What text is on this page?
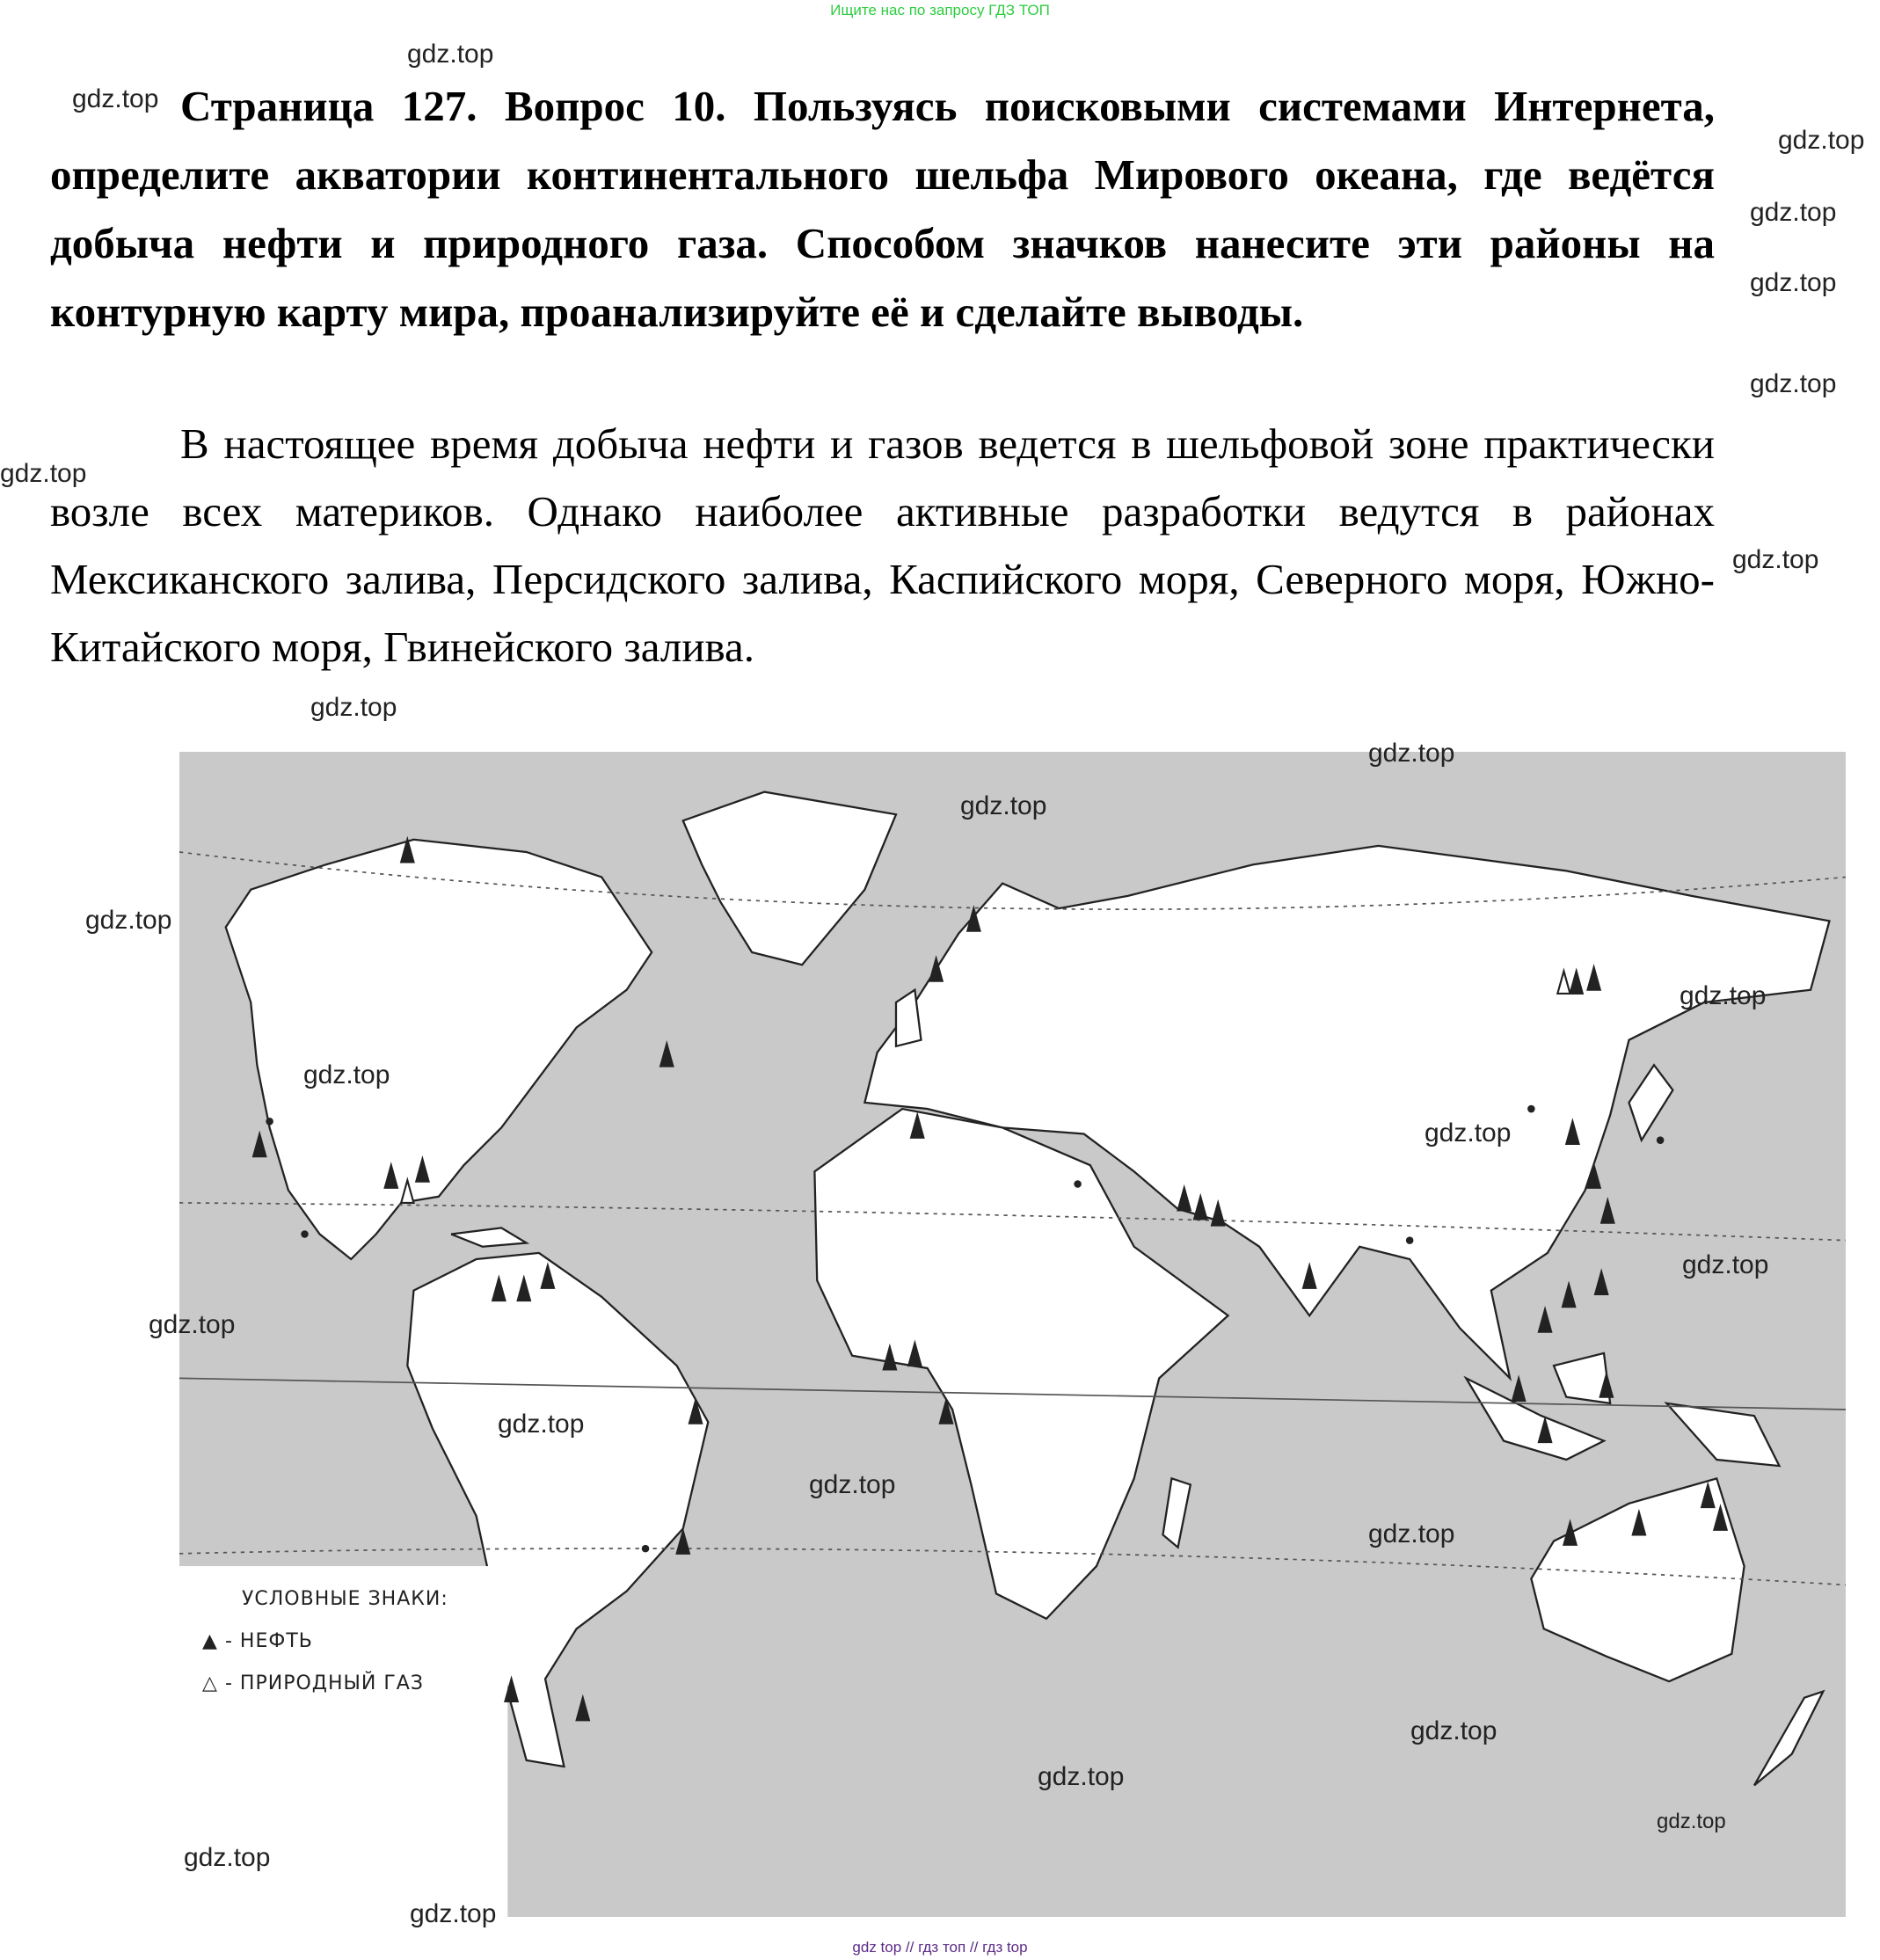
Ищите нас по запросу ГДЗ ТОП
Страница 127. Вопрос 10. Пользуясь поисковыми системами Интернета, определите акватории континентального шельфа Мирового океана, где ведётся добыча нефти и природного газа. Способом значков нанесите эти районы на контурную карту мира, проанализируйте её и сделайте выводы.
В настоящее время добыча нефти и газов ведется в шельфовой зоне практически возле всех материков. Однако наиболее активные разработки ведутся в районах Мексиканского залива, Персидского залива, Каспийского моря, Северного моря, Южно-Китайского моря, Гвинейского залива.
УСЛОВНЫЕ ЗНАКИ:
▲ - НЕФТЬ
△ - ПРИРОДНЫЙ ГАЗ
gdz.top
gdz.top
gdz.top
gdz.top
gdz.top
gdz.top
gdz.top
gdz.top
gdz.top
gdz.top
gdz.top
gdz.top
gdz.top
gdz.top
gdz.top
gdz.top
gdz.top
gdz.top
gdz.top
gdz.top
gdz.top
gdz.top
gdz.top
gdz.top
gdz.top
gdz top // гдз топ // гдз top
